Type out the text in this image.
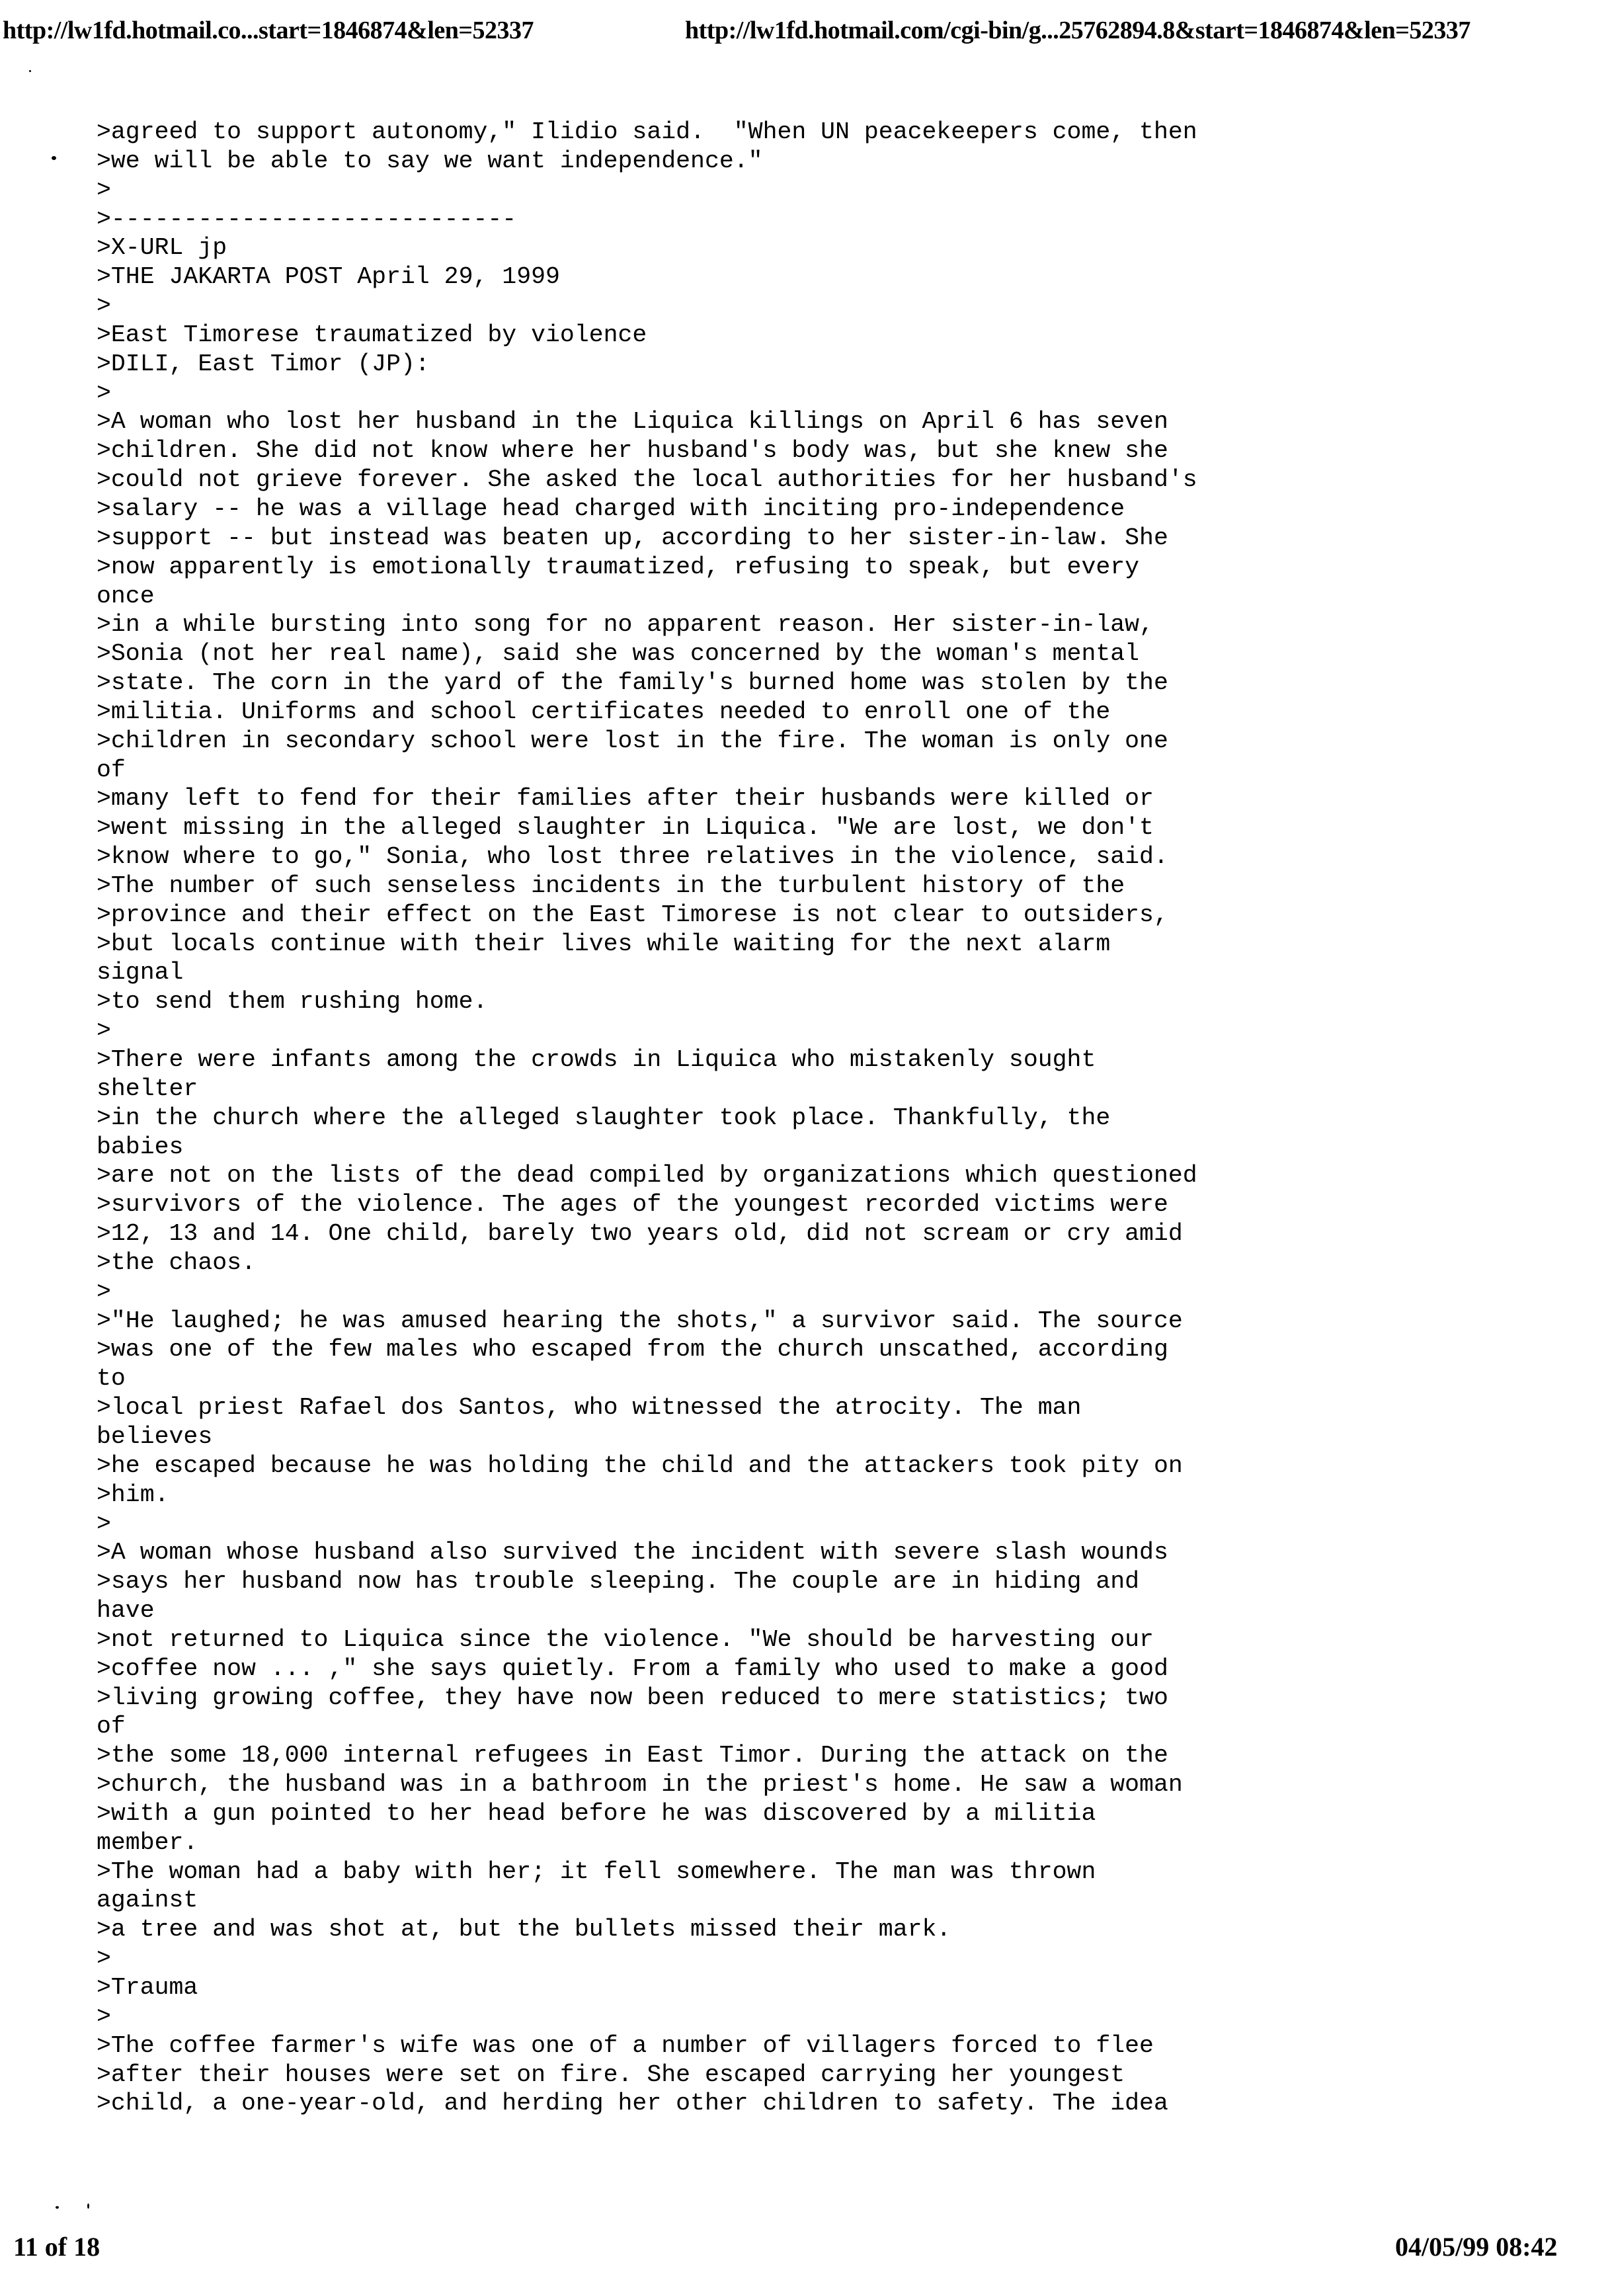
http://lw1fd.hotmail.co...start=1846874&len=52337	http://lw1fd.hotmail.com/cgi-bin/g...25762894.8&start=1846874&len=52337
>agreed to support autonomy," Ilidio said.  "When UN peacekeepers come, then
>we will be able to say we want independence."
>
>----------------------------
>X-URL jp
>THE JAKARTA POST April 29, 1999
>
>East Timorese traumatized by violence
>DILI, East Timor (JP):
>
>A woman who lost her husband in the Liquica killings on April 6 has seven
>children. She did not know where her husband's body was, but she knew she
>could not grieve forever. She asked the local authorities for her husband's
>salary -- he was a village head charged with inciting pro-independence
>support -- but instead was beaten up, according to her sister-in-law. She
>now apparently is emotionally traumatized, refusing to speak, but every
once
>in a while bursting into song for no apparent reason. Her sister-in-law,
>Sonia (not her real name), said she was concerned by the woman's mental
>state. The corn in the yard of the family's burned home was stolen by the
>militia. Uniforms and school certificates needed to enroll one of the
>children in secondary school were lost in the fire. The woman is only one
of
>many left to fend for their families after their husbands were killed or
>went missing in the alleged slaughter in Liquica. "We are lost, we don't
>know where to go," Sonia, who lost three relatives in the violence, said.
>The number of such senseless incidents in the turbulent history of the
>province and their effect on the East Timorese is not clear to outsiders,
>but locals continue with their lives while waiting for the next alarm
signal
>to send them rushing home.
>
>There were infants among the crowds in Liquica who mistakenly sought
shelter
>in the church where the alleged slaughter took place. Thankfully, the
babies
>are not on the lists of the dead compiled by organizations which questioned
>survivors of the violence. The ages of the youngest recorded victims were
>12, 13 and 14. One child, barely two years old, did not scream or cry amid
>the chaos.
>
>"He laughed; he was amused hearing the shots," a survivor said. The source
>was one of the few males who escaped from the church unscathed, according
to
>local priest Rafael dos Santos, who witnessed the atrocity. The man
believes
>he escaped because he was holding the child and the attackers took pity on
>him.
>
>A woman whose husband also survived the incident with severe slash wounds
>says her husband now has trouble sleeping. The couple are in hiding and
have
>not returned to Liquica since the violence. "We should be harvesting our
>coffee now ... ," she says quietly. From a family who used to make a good
>living growing coffee, they have now been reduced to mere statistics; two
of
>the some 18,000 internal refugees in East Timor. During the attack on the
>church, the husband was in a bathroom in the priest's home. He saw a woman
>with a gun pointed to her head before he was discovered by a militia
member.
>The woman had a baby with her; it fell somewhere. The man was thrown
against
>a tree and was shot at, but the bullets missed their mark.
>
>Trauma
>
>The coffee farmer's wife was one of a number of villagers forced to flee
>after their houses were set on fire. She escaped carrying her youngest
>child, a one-year-old, and herding her other children to safety. The idea
11 of 18	04/05/99 08:42
